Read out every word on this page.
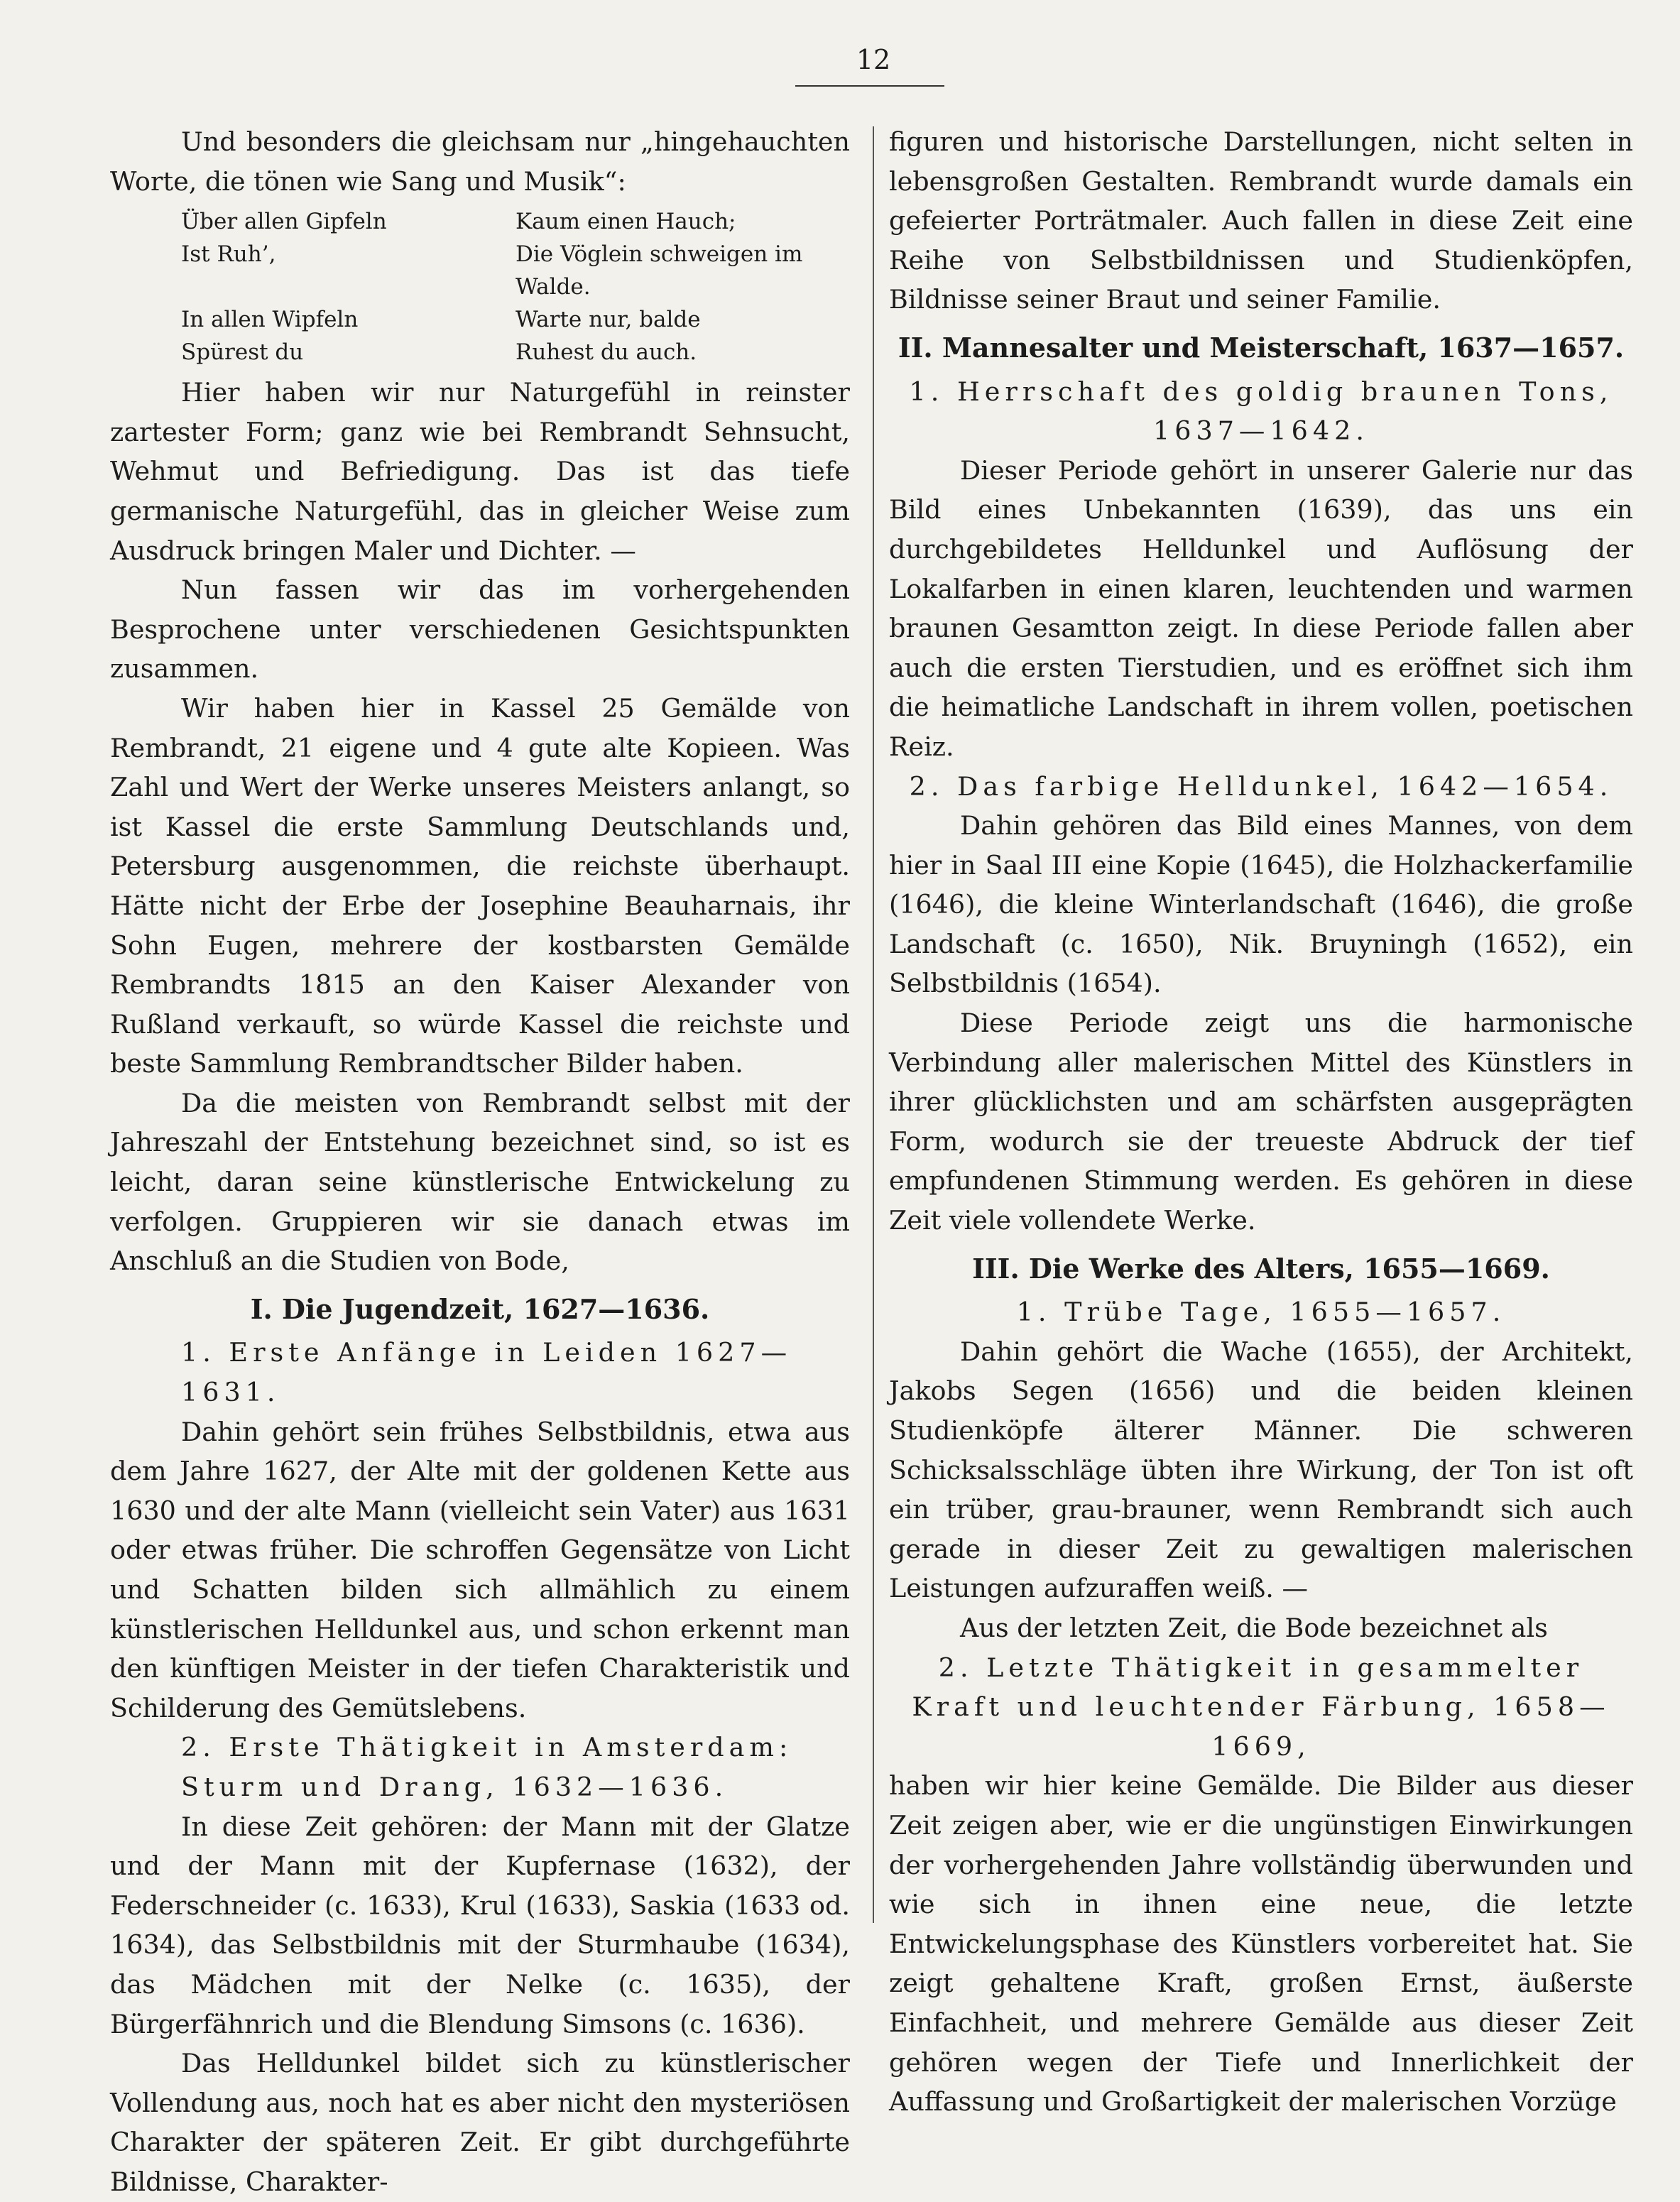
12

Und besonders die gleichsam nur „hingehauchten Worte, die tönen wie Sang und Musik“:

Über allen Gipfeln	Kaum einen Hauch;
Ist Ruh’,	Die Vöglein schweigen im Walde.
In allen Wipfeln	Warte nur, balde
Spürest du	Ruhest du auch.

Hier haben wir nur Naturgefühl in reinster zartester Form; ganz wie bei Rembrandt Sehnsucht, Wehmut und Befriedigung. Das ist das tiefe germanische Naturgefühl, das in gleicher Weise zum Ausdruck bringen Maler und Dichter. —

Nun fassen wir das im vorhergehenden Besprochene unter verschiedenen Gesichtspunkten zusammen.

Wir haben hier in Kassel 25 Gemälde von Rembrandt, 21 eigene und 4 gute alte Kopieen. Was Zahl und Wert der Werke unseres Meisters anlangt, so ist Kassel die erste Sammlung Deutschlands und, Petersburg ausgenommen, die reichste überhaupt. Hätte nicht der Erbe der Josephine Beauharnais, ihr Sohn Eugen, mehrere der kostbarsten Gemälde Rembrandts 1815 an den Kaiser Alexander von Rußland verkauft, so würde Kassel die reichste und beste Sammlung Rembrandtscher Bilder haben.

Da die meisten von Rembrandt selbst mit der Jahreszahl der Entstehung bezeichnet sind, so ist es leicht, daran seine künstlerische Entwickelung zu verfolgen. Gruppieren wir sie danach etwas im Anschluß an die Studien von Bode,

I. Die Jugendzeit, 1627—1636.
1. Erste Anfänge in Leiden 1627—1631.

Dahin gehört sein frühes Selbstbildnis, etwa aus dem Jahre 1627, der Alte mit der goldenen Kette aus 1630 und der alte Mann (vielleicht sein Vater) aus 1631 oder etwas früher. Die schroffen Gegensätze von Licht und Schatten bilden sich allmählich zu einem künstlerischen Helldunkel aus, und schon erkennt man den künftigen Meister in der tiefen Charakteristik und Schilderung des Gemütslebens.

2. Erste Thätigkeit in Amsterdam: Sturm und Drang, 1632—1636.

In diese Zeit gehören: der Mann mit der Glatze und der Mann mit der Kupfernase (1632), der Federschneider (c. 1633), Krul (1633), Saskia (1633 od. 1634), das Selbstbildnis mit der Sturmhaube (1634), das Mädchen mit der Nelke (c. 1635), der Bürgerfähnrich und die Blendung Simsons (c. 1636).

Das Helldunkel bildet sich zu künstlerischer Vollendung aus, noch hat es aber nicht den mysteriösen Charakter der späteren Zeit. Er gibt durchgeführte Bildnisse, Charakter-

figuren und historische Darstellungen, nicht selten in lebensgroßen Gestalten. Rembrandt wurde damals ein gefeierter Porträtmaler. Auch fallen in diese Zeit eine Reihe von Selbstbildnissen und Studienköpfen, Bildnisse seiner Braut und seiner Familie.

II. Mannesalter und Meisterschaft, 1637—1657.
1. Herrschaft des goldig braunen Tons, 1637—1642.

Dieser Periode gehört in unserer Galerie nur das Bild eines Unbekannten (1639), das uns ein durchgebildetes Helldunkel und Auflösung der Lokalfarben in einen klaren, leuchtenden und warmen braunen Gesamtton zeigt. In diese Periode fallen aber auch die ersten Tierstudien, und es eröffnet sich ihm die heimatliche Landschaft in ihrem vollen, poetischen Reiz.

2. Das farbige Helldunkel, 1642—1654.

Dahin gehören das Bild eines Mannes, von dem hier in Saal III eine Kopie (1645), die Holzhackerfamilie (1646), die kleine Winterlandschaft (1646), die große Landschaft (c. 1650), Nik. Bruyningh (1652), ein Selbstbildnis (1654).

Diese Periode zeigt uns die harmonische Verbindung aller malerischen Mittel des Künstlers in ihrer glücklichsten und am schärfsten ausgeprägten Form, wodurch sie der treueste Abdruck der tief empfundenen Stimmung werden. Es gehören in diese Zeit viele vollendete Werke.

III. Die Werke des Alters, 1655—1669.
1. Trübe Tage, 1655—1657.

Dahin gehört die Wache (1655), der Architekt, Jakobs Segen (1656) und die beiden kleinen Studienköpfe älterer Männer. Die schweren Schicksalsschläge übten ihre Wirkung, der Ton ist oft ein trüber, grau-brauner, wenn Rembrandt sich auch gerade in dieser Zeit zu gewaltigen malerischen Leistungen aufzuraffen weiß. —

Aus der letzten Zeit, die Bode bezeichnet als

2. Letzte Thätigkeit in gesammelter Kraft und leuchtender Färbung, 1658—1669,

haben wir hier keine Gemälde. Die Bilder aus dieser Zeit zeigen aber, wie er die ungünstigen Einwirkungen der vorhergehenden Jahre vollständig überwunden und wie sich in ihnen eine neue, die letzte Entwickelungsphase des Künstlers vorbereitet hat. Sie zeigt gehaltene Kraft, großen Ernst, äußerste Einfachheit, und mehrere Gemälde aus dieser Zeit gehören wegen der Tiefe und Innerlichkeit der Auffassung und Großartigkeit der malerischen Vorzüge
